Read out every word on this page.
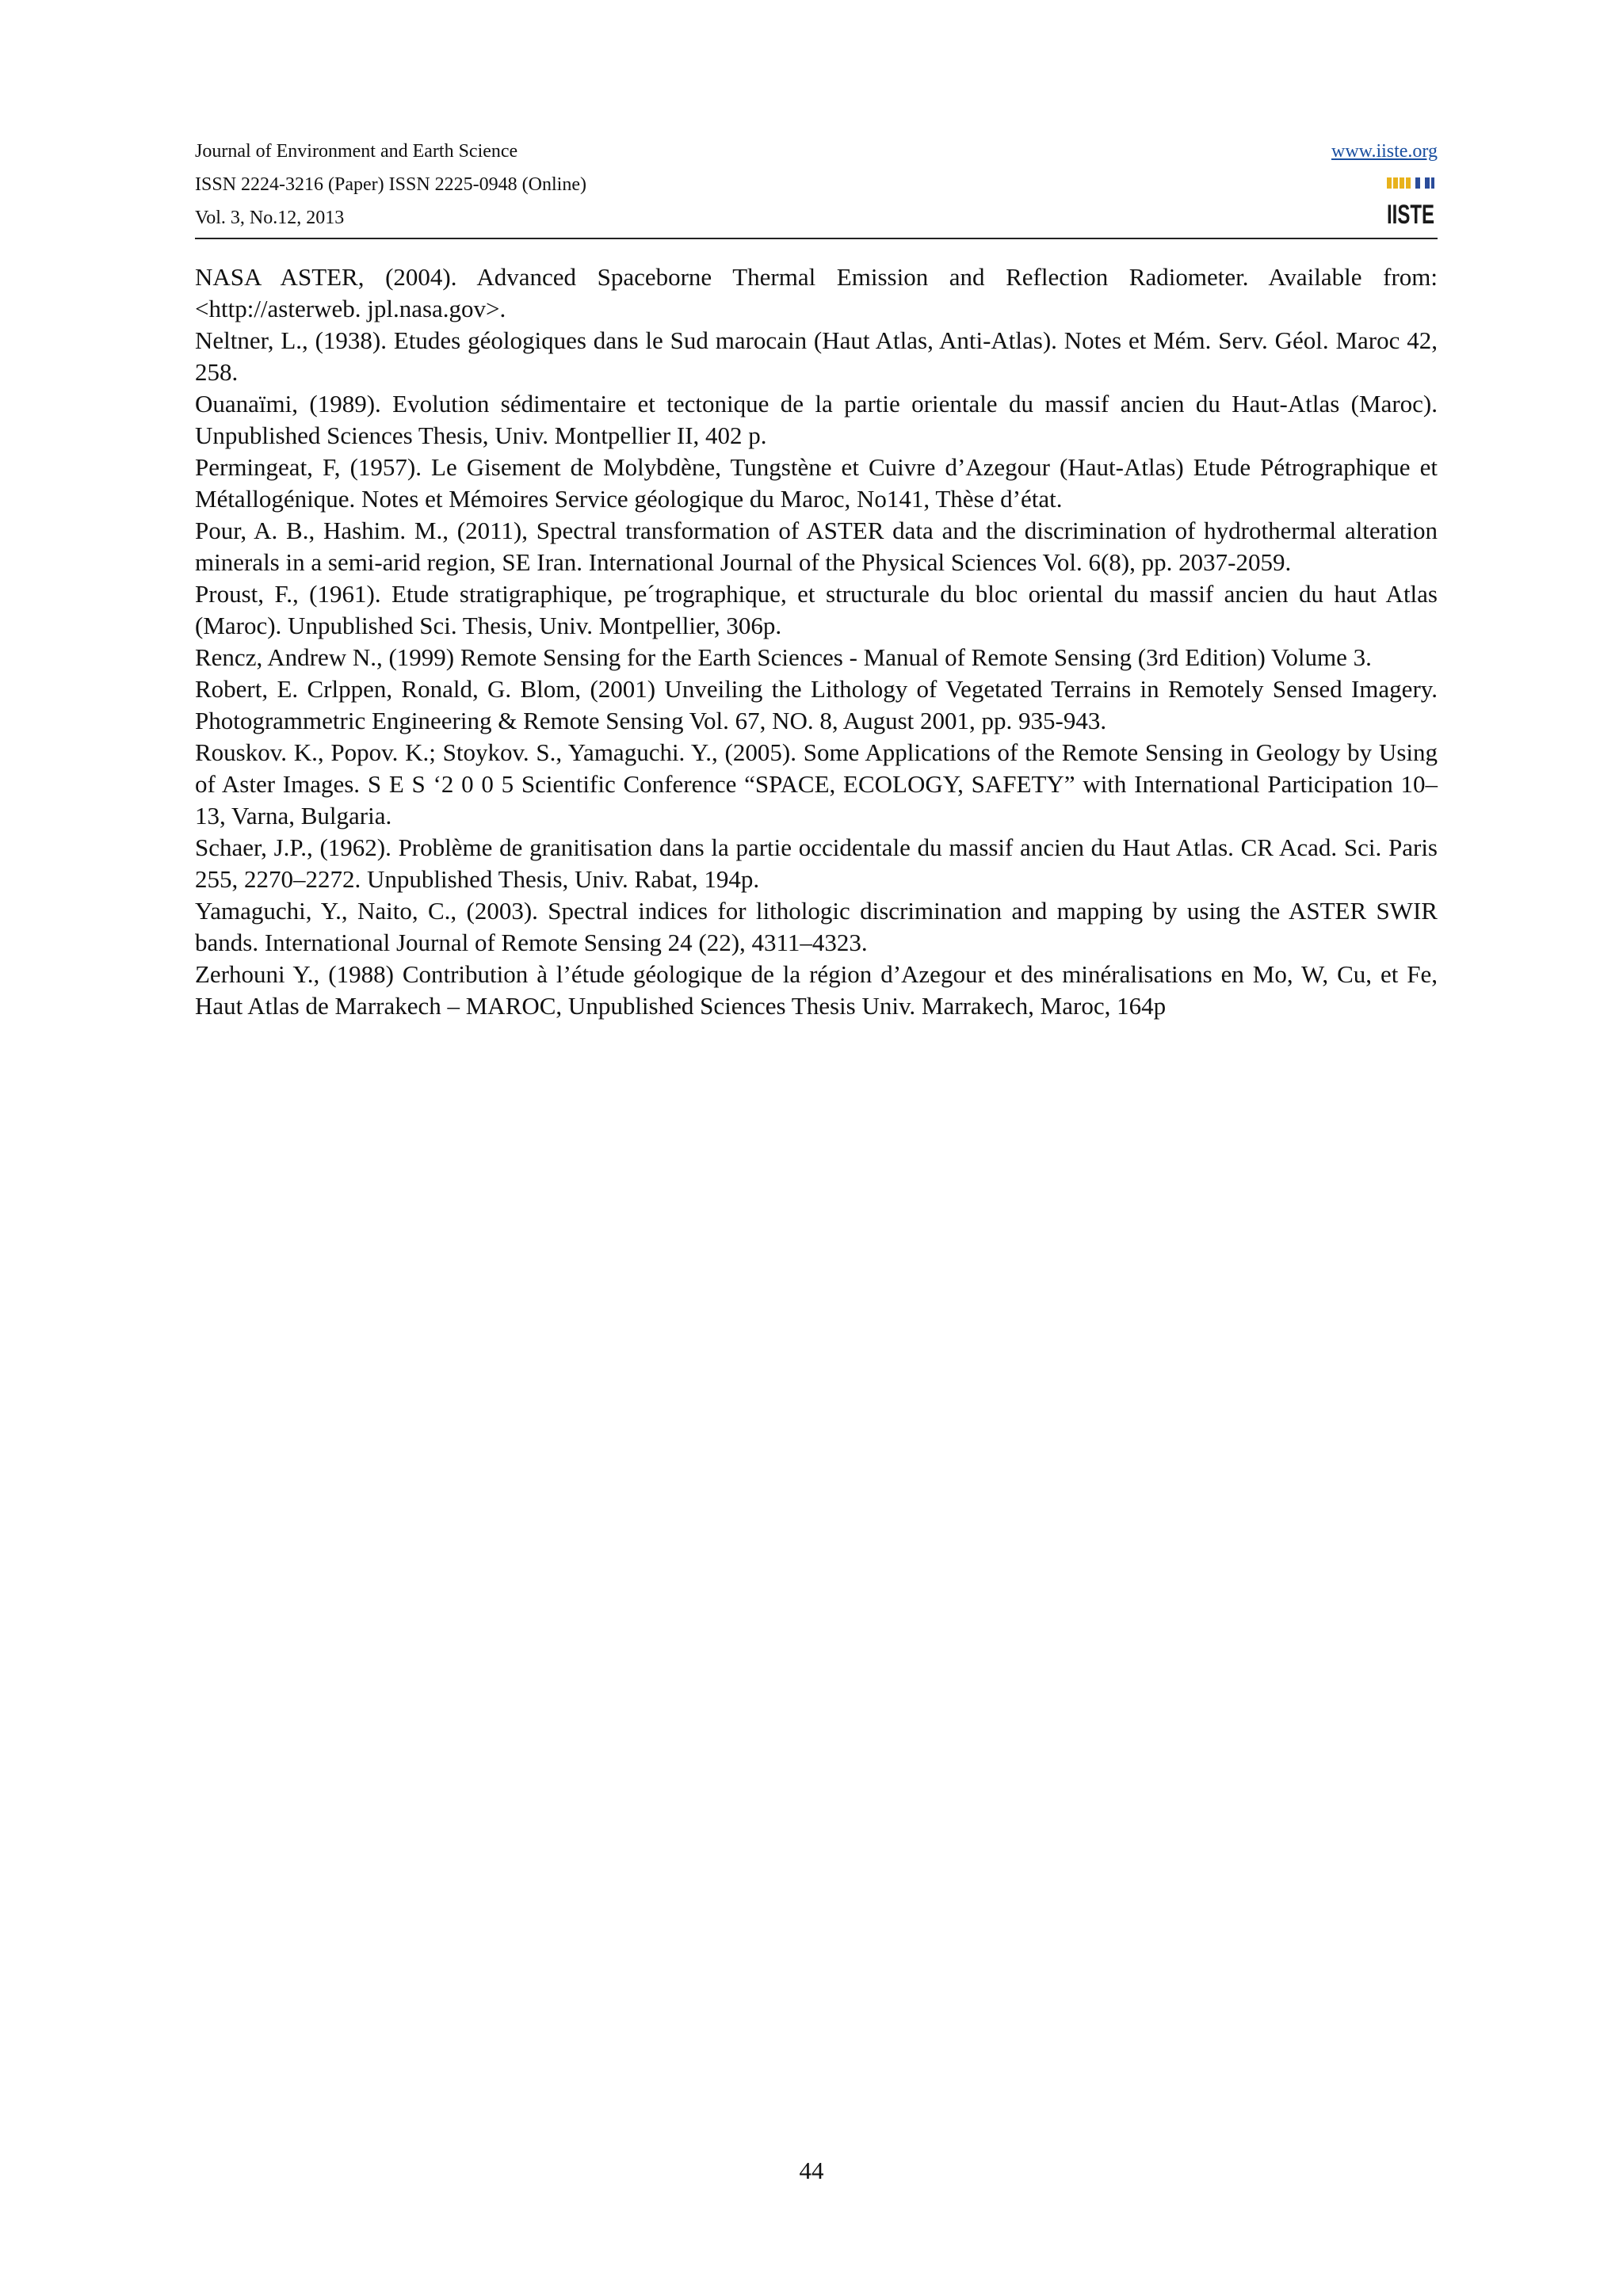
Journal of Environment and Earth Science
ISSN 2224-3216 (Paper) ISSN 2225-0948 (Online)
Vol. 3, No.12, 2013
www.iiste.org
IISTE

NASA ASTER, (2004). Advanced Spaceborne Thermal Emission and Reflection Radiometer. Available from: <http://asterweb. jpl.nasa.gov>.

Neltner, L., (1938). Etudes géologiques dans le Sud marocain (Haut Atlas, Anti-Atlas). Notes et Mém. Serv. Géol. Maroc 42, 258.

Ouanaïmi, (1989). Evolution sédimentaire et tectonique de la partie orientale du massif ancien du Haut-Atlas (Maroc). Unpublished Sciences Thesis, Univ. Montpellier II, 402 p.

Permingeat, F, (1957). Le Gisement de Molybdène, Tungstène et Cuivre d’Azegour (Haut-Atlas) Etude Pétrographique et Métallogénique. Notes et Mémoires Service géologique du Maroc, No141, Thèse d’état.

Pour, A. B., Hashim. M., (2011), Spectral transformation of ASTER data and the discrimination of hydrothermal alteration minerals in a semi-arid region, SE Iran. International Journal of the Physical Sciences Vol. 6(8), pp. 2037-2059.

Proust, F., (1961). Etude stratigraphique, pe´trographique, et structurale du bloc oriental du massif ancien du haut Atlas (Maroc). Unpublished Sci. Thesis, Univ. Montpellier, 306p.

Rencz, Andrew N., (1999) Remote Sensing for the Earth Sciences - Manual of Remote Sensing (3rd Edition) Volume 3.

Robert, E. Crlppen, Ronald, G. Blom, (2001) Unveiling the Lithology of Vegetated Terrains in Remotely Sensed Imagery. Photogrammetric Engineering & Remote Sensing Vol. 67, NO. 8, August 2001, pp. 935-943.

Rouskov. K., Popov. K.; Stoykov. S., Yamaguchi. Y., (2005). Some Applications of the Remote Sensing in Geology by Using of Aster Images. S E S ‘2 0 0 5 Scientific Conference “SPACE, ECOLOGY, SAFETY” with International Participation 10–13, Varna, Bulgaria.

Schaer, J.P., (1962). Problème de granitisation dans la partie occidentale du massif ancien du Haut Atlas. CR Acad. Sci. Paris 255, 2270–2272. Unpublished Thesis, Univ. Rabat, 194p.

Yamaguchi, Y., Naito, C., (2003). Spectral indices for lithologic discrimination and mapping by using the ASTER SWIR bands. International Journal of Remote Sensing 24 (22), 4311–4323.

Zerhouni Y., (1988) Contribution à l’étude géologique de la région d’Azegour et des minéralisations en Mo, W, Cu, et Fe, Haut Atlas de Marrakech – MAROC, Unpublished Sciences Thesis Univ. Marrakech, Maroc, 164p

44
